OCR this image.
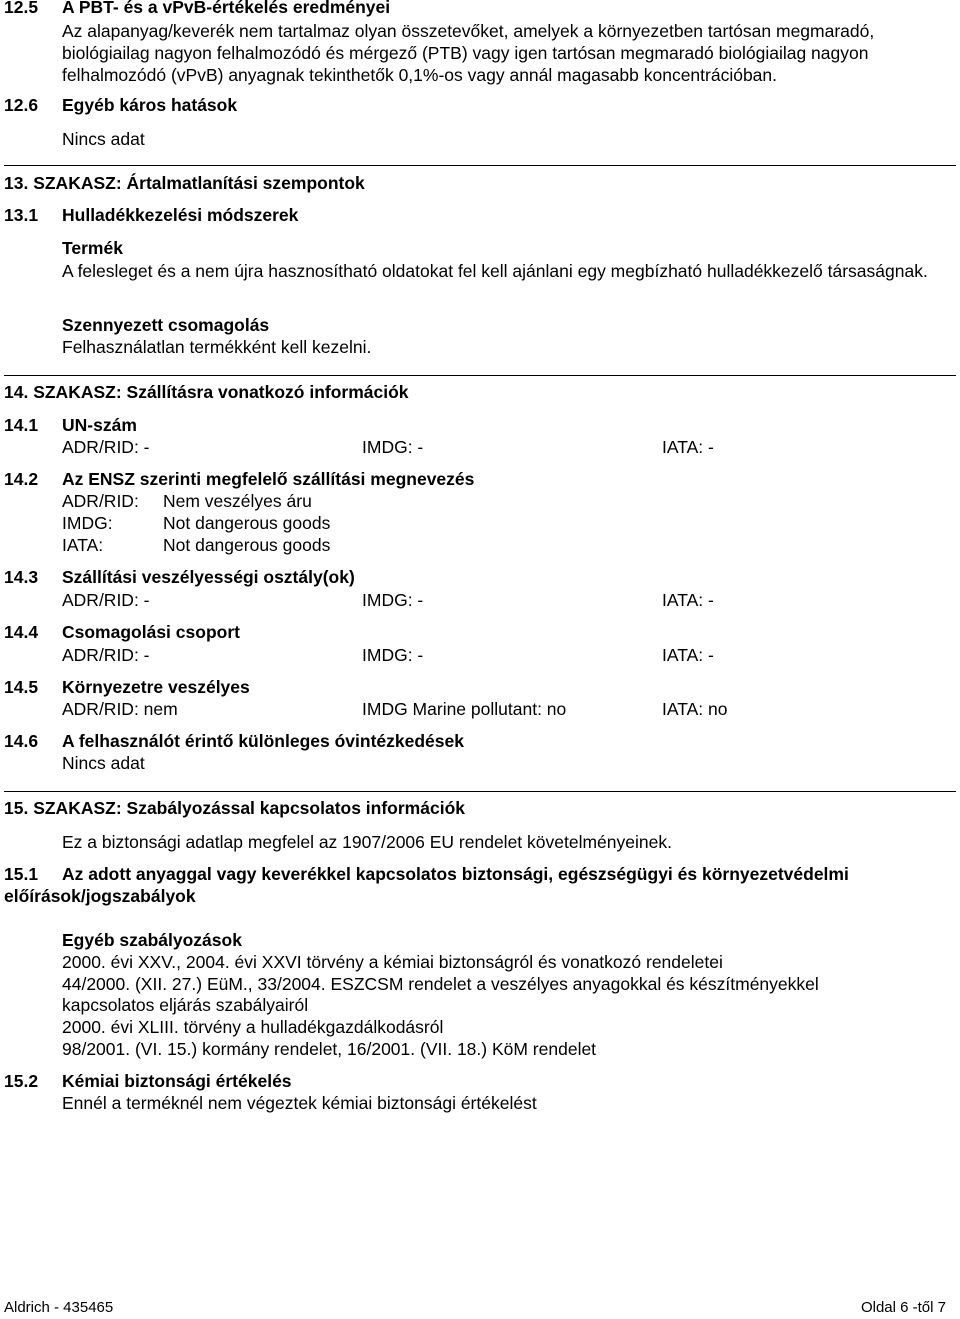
12.5 A PBT- és a vPvB-értékelés eredményei
Az alapanyag/keverék nem tartalmaz olyan összetevőket, amelyek a környezetben tartósan megmaradó, biológiailag nagyon felhalmozódó és mérgező (PTB) vagy igen tartósan megmaradó biológiailag nagyon felhalmozódó (vPvB) anyagnak tekinthetők 0,1%-os vagy annál magasabb koncentrációban.
12.6 Egyéb káros hatások
Nincs adat
13. SZAKASZ: Ártalmatlanítási szempontok
13.1 Hulladékkezelési módszerek
Termék
A felesleget és a nem újra hasznosítható oldatokat fel kell ajánlani egy megbízható hulladékkezelő társaságnak.
Szennyezett csomagolás
Felhasználatlan termékként kell kezelni.
14. SZAKASZ: Szállításra vonatkozó információk
14.1 UN-szám
ADR/RID: -	IMDG: -	IATA: -
14.2 Az ENSZ szerinti megfelelő szállítási megnevezés
ADR/RID: Nem veszélyes áru
IMDG:	Not dangerous goods
IATA:	Not dangerous goods
14.3 Szállítási veszélyességi osztály(ok)
ADR/RID: -	IMDG: -	IATA: -
14.4 Csomagolási csoport
ADR/RID: -	IMDG: -	IATA: -
14.5 Környezetre veszélyes
ADR/RID: nem	IMDG Marine pollutant: no	IATA: no
14.6 A felhasználót érintő különleges óvintézkedések
Nincs adat
15. SZAKASZ: Szabályozással kapcsolatos információk
Ez a biztonsági adatlap megfelel az 1907/2006 EU rendelet követelményeinek.
15.1 Az adott anyaggal vagy keverékkel kapcsolatos biztonsági, egészségügyi és környezetvédelmi
előírások/jogszabályok
Egyéb szabályozások
2000. évi XXV., 2004. évi XXVI törvény a kémiai biztonságról és vonatkozó rendeletei
44/2000. (XII. 27.) EüM., 33/2004. ESZCSM rendelet a veszélyes anyagokkal és készítményekkel
kapcsolatos eljárás szabályairól
2000. évi XLIII. törvény a hulladékgazdálkodásról
98/2001. (VI. 15.) kormány rendelet, 16/2001. (VII. 18.) KöM rendelet
15.2 Kémiai biztonsági értékelés
Ennél a terméknél nem végeztek kémiai biztonsági értékelést
Aldrich - 435465	Oldal 6 -től 7
